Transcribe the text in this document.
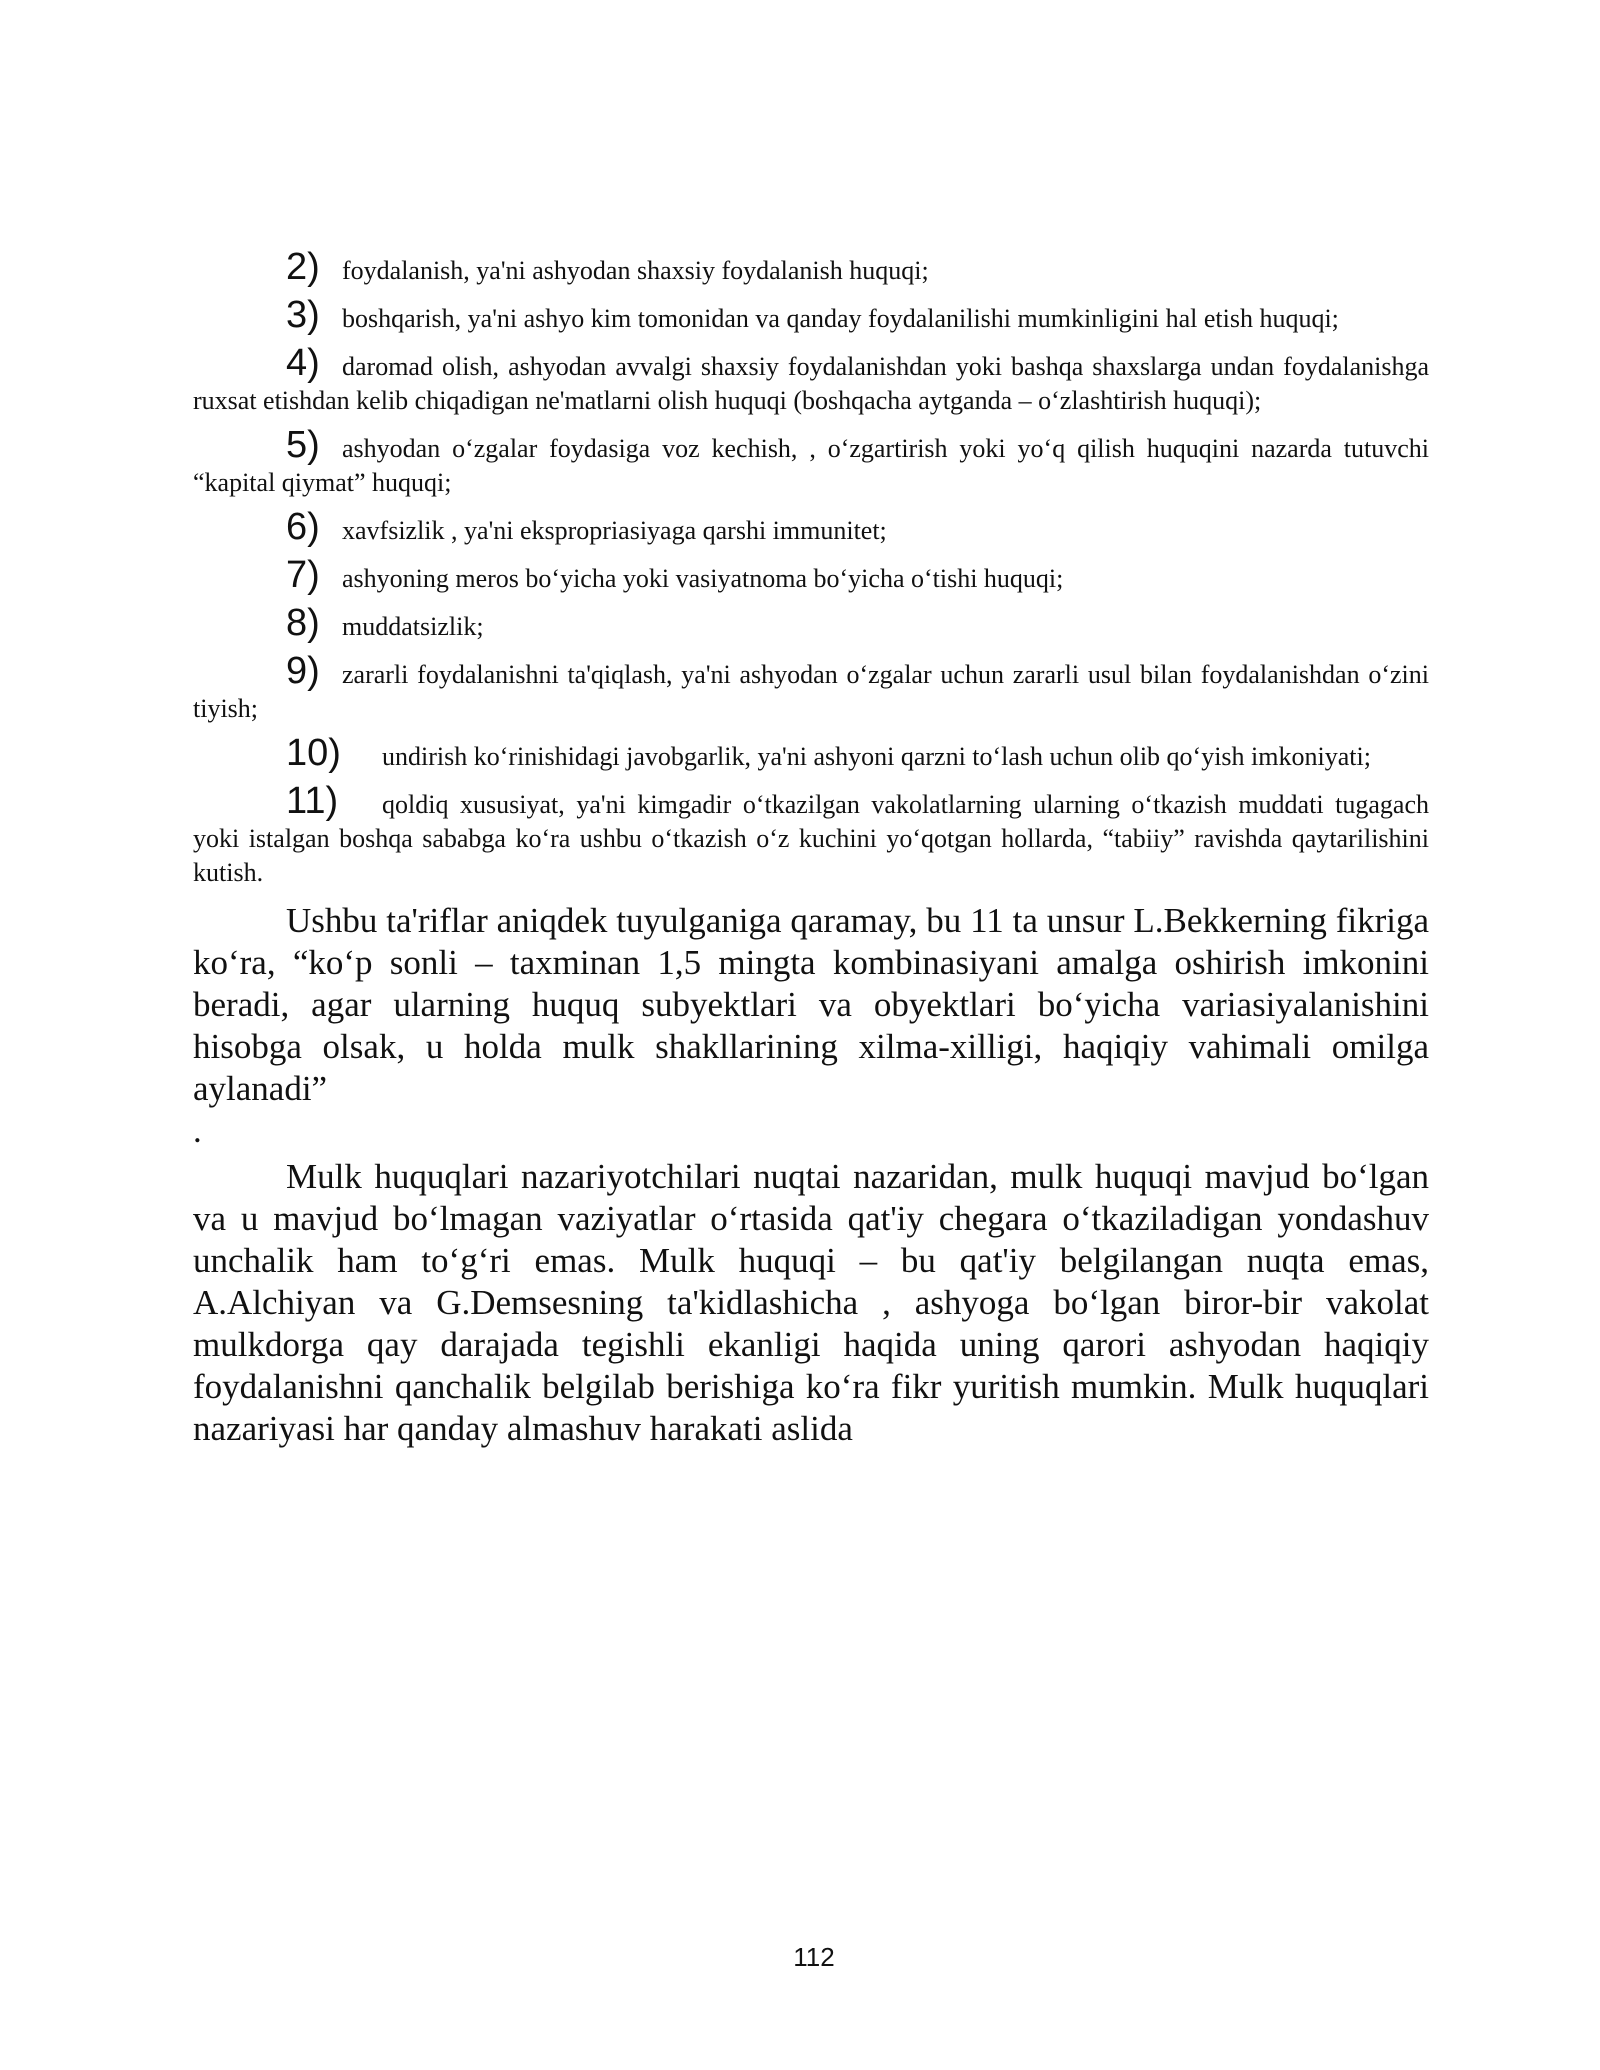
2) foydalanish, ya'ni ashyodan shaxsiy foydalanish huquqi;

3) boshqarish, ya'ni ashyo kim tomonidan va qanday foydalanilishi mumkinligini hal etish huquqi;

4) daromad olish, ashyodan avvalgi shaxsiy foydalanishdan yoki bashqa shaxslarga undan foydalanishga ruxsat etishdan kelib chiqadigan ne'matlarni olish huquqi (boshqacha aytganda – o‘zlashtirish huquqi);

5) ashyodan o‘zgalar foydasiga voz kechish, , o‘zgartirish yoki yo‘q qilish huquqini nazarda tutuvchi “kapital qiymat” huquqi;

6) xavfsizlik , ya'ni ekspropriasiyaga qarshi immunitet;

7) ashyoning meros bo‘yicha yoki vasiyatnoma bo‘yicha o‘tishi huquqi;

8) muddatsizlik;

9) zararli foydalanishni ta'qiqlash, ya'ni ashyodan o‘zgalar uchun zararli usul bilan foydalanishdan o‘zini tiyish;

10) undirish ko‘rinishidagi javobgarlik, ya'ni ashyoni qarzni to‘lash uchun olib qo‘yish imkoniyati;

11) qoldiq xususiyat, ya'ni kimgadir o‘tkazilgan vakolatlarning ularning o‘tkazish muddati tugagach yoki istalgan boshqa sababga ko‘ra ushbu o‘tkazish o‘z kuchini yo‘qotgan hollarda, “tabiiy” ravishda qaytarilishini kutish.

Ushbu ta'riflar aniqdek tuyulganiga qaramay, bu 11 ta unsur L.Bekkerning fikriga ko‘ra, “ko‘p sonli – taxminan 1,5 mingta kombinasiyani amalga oshirish imkonini beradi, agar ularning huquq subyektlari va obyektlari bo‘yicha variasiyalanishini hisobga olsak, u holda mulk shakllarining xilma-xilligi, haqiqiy vahimali omilga aylanadi”

.

Mulk huquqlari nazariyotchilari nuqtai nazaridan, mulk huquqi mavjud bo‘lgan va u mavjud bo‘lmagan vaziyatlar o‘rtasida qat'iy chegara o‘tkaziladigan yondashuv unchalik ham to‘g‘ri emas. Mulk huquqi – bu qat'iy belgilangan nuqta emas, A.Alchiyan va G.Demsesning ta'kidlashicha , ashyoga bo‘lgan biror-bir vakolat mulkdorga qay darajada tegishli ekanligi haqida uning qarori ashyodan haqiqiy foydalanishni qanchalik belgilab berishiga ko‘ra fikr yuritish mumkin. Mulk huquqlari nazariyasi har qanday almashuv harakati aslida

112
